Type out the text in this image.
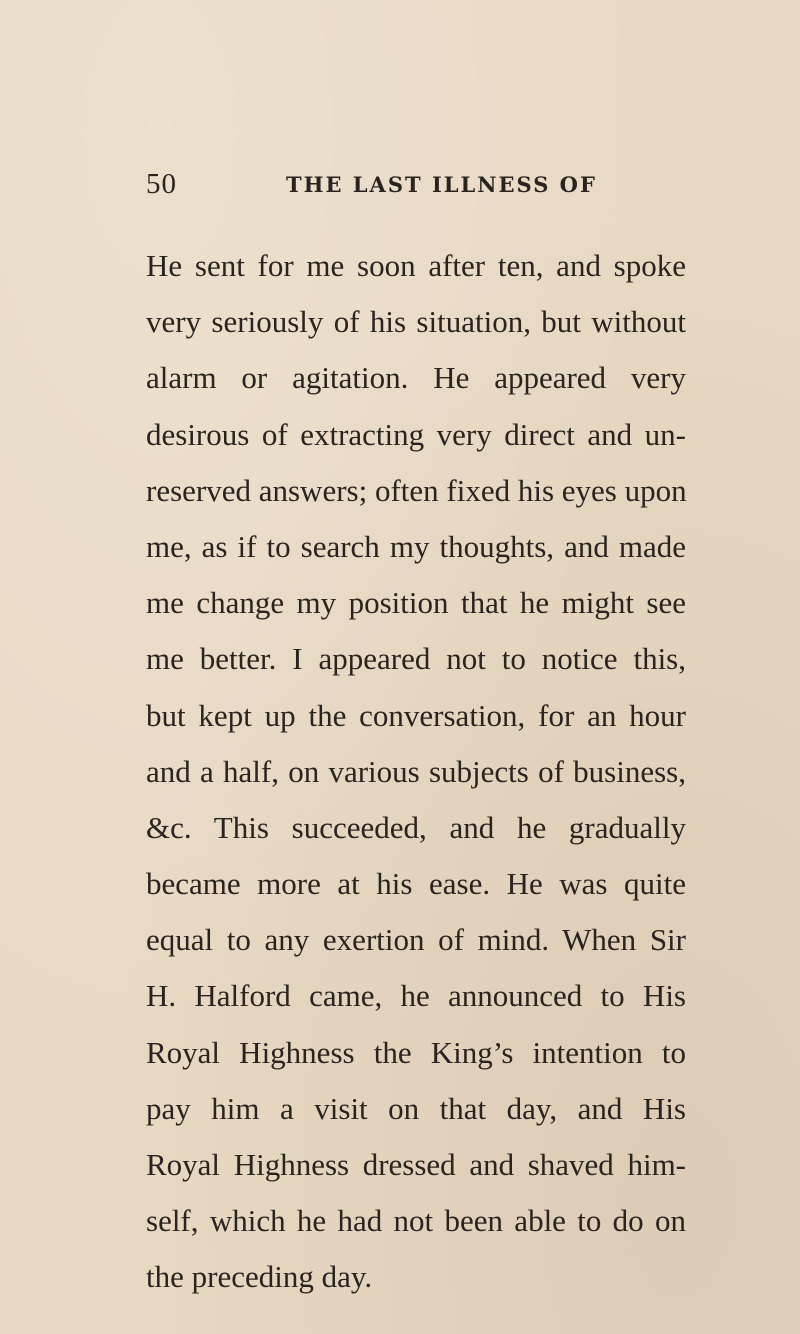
50	THE LAST ILLNESS OF
He sent for me soon after ten, and spoke
very seriously of his situation, but without
alarm or agitation. He appeared very
desirous of extracting very direct and un-
reserved answers; often fixed his eyes upon
me, as if to search my thoughts, and made
me change my position that he might see
me better. I appeared not to notice this,
but kept up the conversation, for an hour
and a half, on various subjects of business,
&c. This succeeded, and he gradually
became more at his ease. He was quite
equal to any exertion of mind. When Sir
H. Halford came, he announced to His
Royal Highness the King’s intention to
pay him a visit on that day, and His
Royal Highness dressed and shaved him-
self, which he had not been able to do on
the preceding day.
